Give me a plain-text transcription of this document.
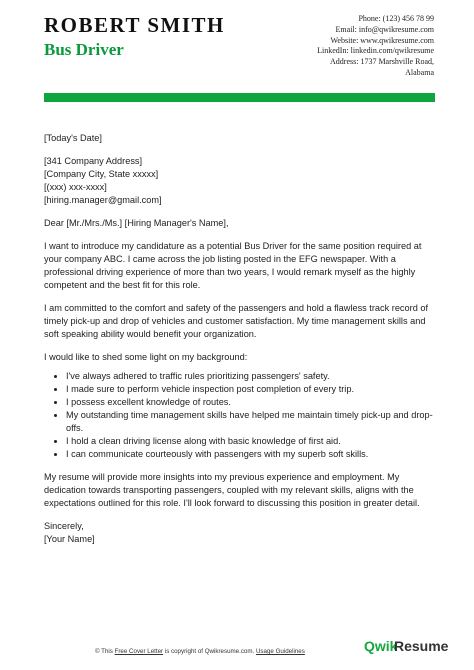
ROBERT SMITH
Bus Driver
Phone: (123) 456 78 99
Email: info@qwikresume.com
Website: www.qwikresume.com
LinkedIn: linkedin.com/qwikresume
Address: 1737 Marshville Road,
Alabama

[Today's Date]

[341 Company Address]

[Company City, State xxxxx]

[(xxx) xxx-xxxx]

[hiring.manager@gmail.com]

Dear [Mr./Mrs./Ms.] [Hiring Manager's Name],

I want to introduce my candidature as a potential Bus Driver for the same position required at your company ABC. I came across the job listing posted in the EFG newspaper. With a professional driving experience of more than two years, I would remark myself as the highly competent and the best fit for this role.

I am committed to the comfort and safety of the passengers and hold a flawless track record of timely pick-up and drop of vehicles and customer satisfaction. My time management skills and soft speaking ability would benefit your organization.

I would like to shed some light on my background:

• I've always adhered to traffic rules prioritizing passengers' safety.
• I made sure to perform vehicle inspection post completion of every trip.
• I possess excellent knowledge of routes.
• My outstanding time management skills have helped me maintain timely pick-up and drop-offs.
• I hold a clean driving license along with basic knowledge of first aid.
• I can communicate courteously with passengers with my superb soft skills.

My resume will provide more insights into my previous experience and employment. My dedication towards transporting passengers, coupled with my relevant skills, aligns with the expectations outlined for this role. I'll look forward to discussing this position in greater detail.

Sincerely,

[Your Name]

© This Free Cover Letter is copyright of Qwikresume.com. Usage Guidelines	Qwik
Resume
